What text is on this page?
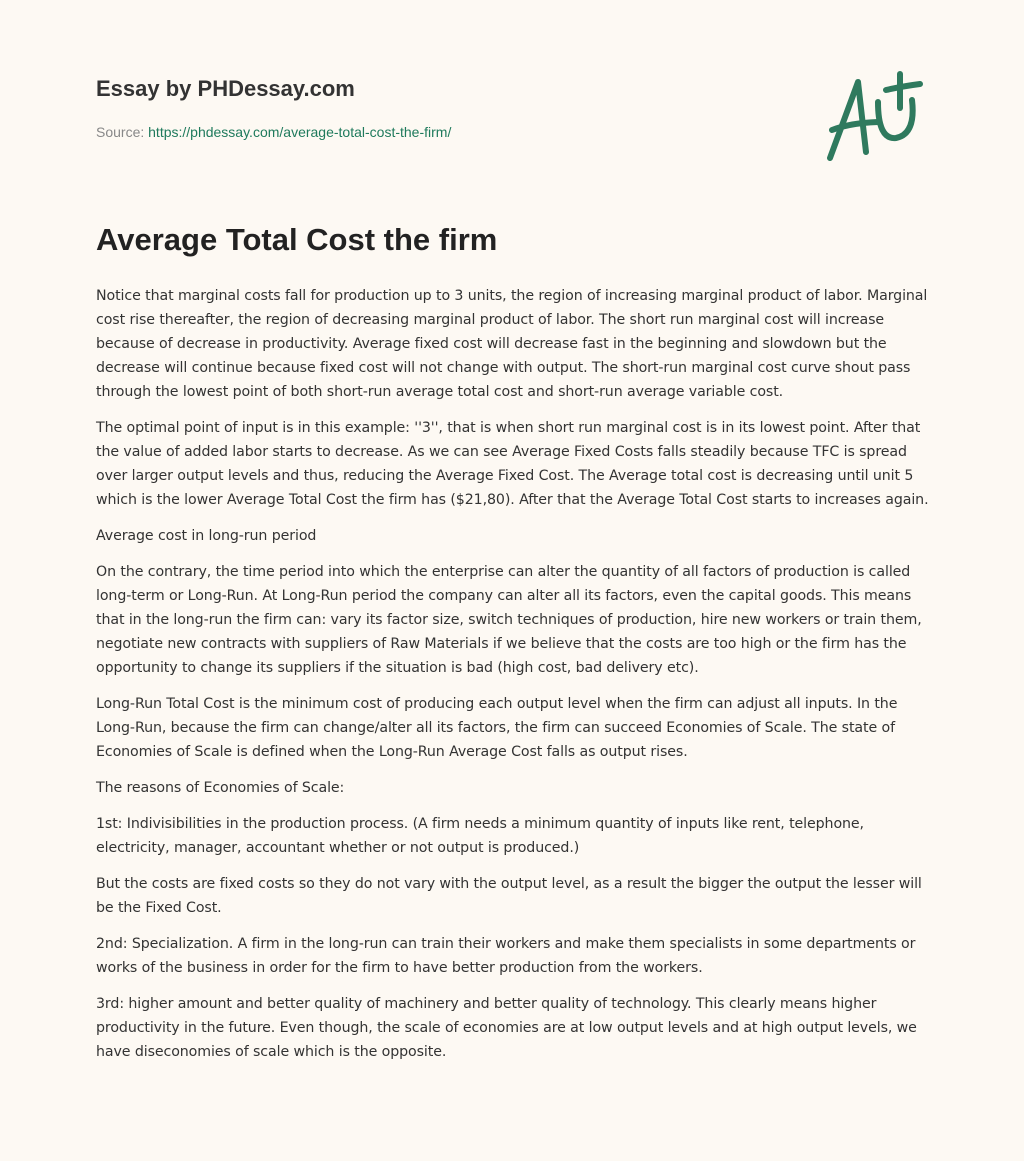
Essay by PHDessay.com
Source: https://phdessay.com/average-total-cost-the-firm/
Average Total Cost the firm

Notice that marginal costs fall for production up to 3 units, the region of increasing marginal product of labor. Marginal cost rise thereafter, the region of decreasing marginal product of labor. The short run marginal cost will increase because of decrease in productivity. Average fixed cost will decrease fast in the beginning and slowdown but the decrease will continue because fixed cost will not change with output. The short-run marginal cost curve shout pass through the lowest point of both short-run average total cost and short-run average variable cost.

The optimal point of input is in this example: ''3'', that is when short run marginal cost is in its lowest point. After that the value of added labor starts to decrease. As we can see Average Fixed Costs falls steadily because TFC is spread over larger output levels and thus, reducing the Average Fixed Cost. The Average total cost is decreasing until unit 5 which is the lower Average Total Cost the firm has ($21,80). After that the Average Total Cost starts to increases again.

Average cost in long-run period

On the contrary, the time period into which the enterprise can alter the quantity of all factors of production is called long-term or Long-Run. At Long-Run period the company can alter all its factors, even the capital goods. This means that in the long-run the firm can: vary its factor size, switch techniques of production, hire new workers or train them, negotiate new contracts with suppliers of Raw Materials if we believe that the costs are too high or the firm has the opportunity to change its suppliers if the situation is bad (high cost, bad delivery etc).

Long-Run Total Cost is the minimum cost of producing each output level when the firm can adjust all inputs. In the Long-Run, because the firm can change/alter all its factors, the firm can succeed Economies of Scale. The state of Economies of Scale is defined when the Long-Run Average Cost falls as output rises.

The reasons of Economies of Scale:

1st: Indivisibilities in the production process. (A firm needs a minimum quantity of inputs like rent, telephone, electricity, manager, accountant whether or not output is produced.)

But the costs are fixed costs so they do not vary with the output level, as a result the bigger the output the lesser will be the Fixed Cost.

2nd: Specialization. A firm in the long-run can train their workers and make them specialists in some departments or works of the business in order for the firm to have better production from the workers.

3rd: higher amount and better quality of machinery and better quality of technology. This clearly means higher productivity in the future. Even though, the scale of economies are at low output levels and at high output levels, we have diseconomies of scale which is the opposite.
